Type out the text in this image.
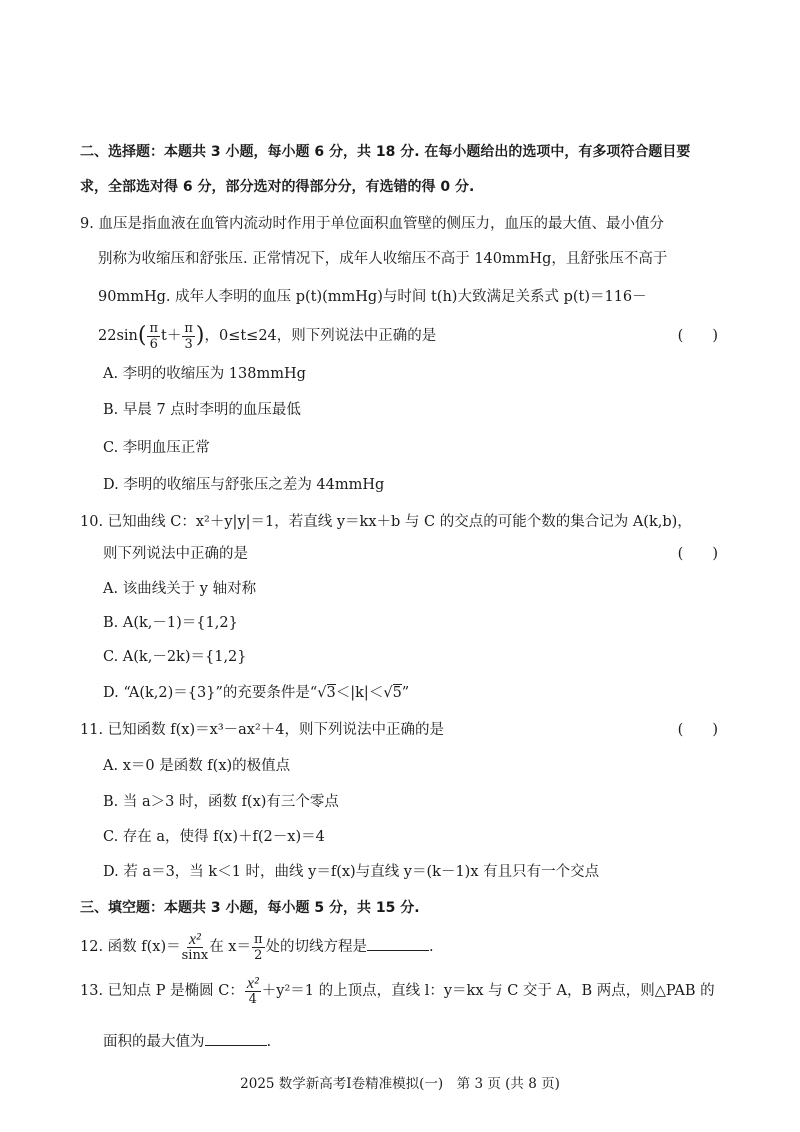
二、选择题：本题共 3 小题，每小题 6 分，共 18 分. 在每小题给出的选项中，有多项符合题目要
求，全部选对得 6 分，部分选对的得部分分，有选错的得 0 分.
9. 血压是指血液在血管内流动时作用于单位面积血管壁的侧压力，血压的最大值、最小值分
别称为收缩压和舒张压. 正常情况下，成年人收缩压不高于 140mmHg，且舒张压不高于
90mmHg. 成年人李明的血压 p(t)(mmHg)与时间 t(h)大致满足关系式 p(t)＝116－
$22\sin( \frac{\pi}{6} t+ \frac{\pi}{3}$ )，0≤t≤24，则下列说法中正确的是	(　　)
A. 李明的收缩压为 138mmHg
B. 早晨 7 点时李明的血压最低
C. 李明血压正常
D. 李明的收缩压与舒张压之差为 44mmHg
10. 已知曲线 C：x²＋y|y|＝1，若直线 y＝kx＋b 与 C 的交点的可能个数的集合记为 A(k,b)，
则下列说法中正确的是	(　　)
A. 该曲线关于 y 轴对称
B. A(k,－1)＝{1,2}
C. A(k,－2k)＝{1,2}
D. “A(k,2)＝{3}”的充要条件是“√3＜|k|＜√5”
11. 已知函数 f(x)＝x³－ax²＋4，则下列说法中正确的是	(　　)
A. x＝0 是函数 f(x)的极值点
B. 当 a＞3 时，函数 f(x)有三个零点
C. 存在 a，使得 f(x)＋f(2－x)＝4
D. 若 a＝3，当 k＜1 时，曲线 y＝f(x)与直线 y＝(k－1)x 有且只有一个交点
三、填空题：本题共 3 小题，每小题 5 分，共 15 分.
12. 函数 f(x)＝ x²
sinx 在 $x= \frac{\pi}{2}$ 处的切线方程是	.
13. 已知点 P 是椭圆 C： x²
4 ＋y²＝1 的上顶点，直线 l：y＝kx 与 C 交于 A，B 两点，则△PAB 的
面积的最大值为	.
2025 数学新高考Ⅰ卷精准模拟(一)　第 3 页 (共 8 页)
